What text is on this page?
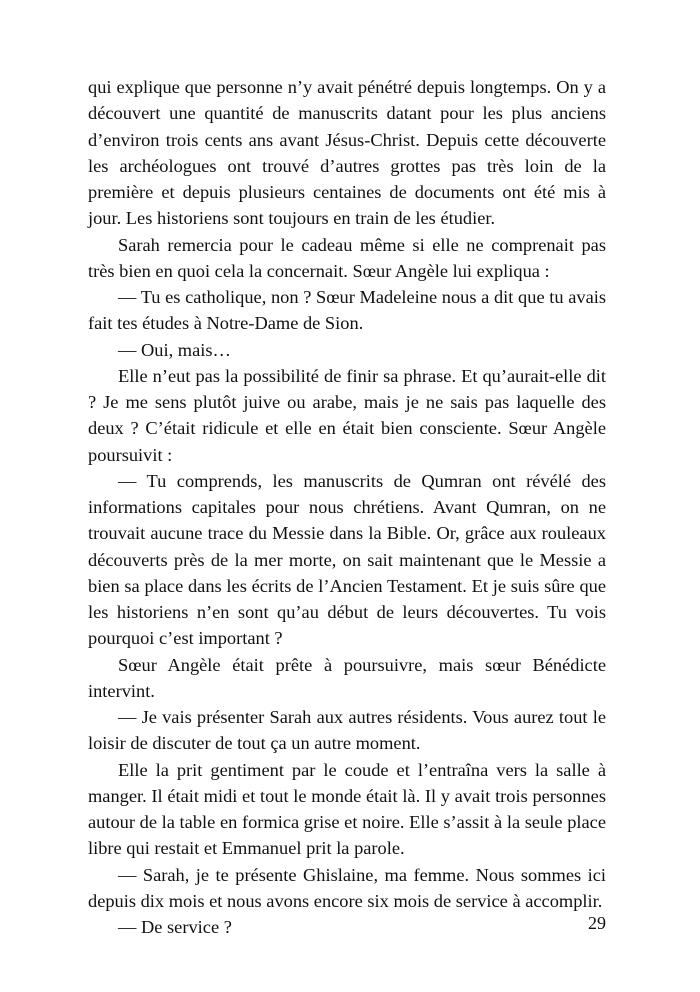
qui explique que personne n’y avait pénétré depuis longtemps. On y a découvert une quantité de manuscrits datant pour les plus anciens d’environ trois cents ans avant Jésus-Christ. Depuis cette découverte les archéologues ont trouvé d’autres grottes pas très loin de la première et depuis plusieurs centaines de documents ont été mis à jour. Les historiens sont toujours en train de les étudier.

Sarah remercia pour le cadeau même si elle ne comprenait pas très bien en quoi cela la concernait. Sœur Angèle lui expliqua :

— Tu es catholique, non ? Sœur Madeleine nous a dit que tu avais fait tes études à Notre-Dame de Sion.

— Oui, mais…

Elle n’eut pas la possibilité de finir sa phrase. Et qu’aurait-elle dit ? Je me sens plutôt juive ou arabe, mais je ne sais pas laquelle des deux ? C’était ridicule et elle en était bien consciente. Sœur Angèle poursuivit :

— Tu comprends, les manuscrits de Qumran ont révélé des informations capitales pour nous chrétiens. Avant Qumran, on ne trouvait aucune trace du Messie dans la Bible. Or, grâce aux rouleaux découverts près de la mer morte, on sait maintenant que le Messie a bien sa place dans les écrits de l’Ancien Testament. Et je suis sûre que les historiens n’en sont qu’au début de leurs découvertes. Tu vois pourquoi c’est important ?

Sœur Angèle était prête à poursuivre, mais sœur Bénédicte intervint.

— Je vais présenter Sarah aux autres résidents. Vous aurez tout le loisir de discuter de tout ça un autre moment.

Elle la prit gentiment par le coude et l’entraîna vers la salle à manger. Il était midi et tout le monde était là. Il y avait trois personnes autour de la table en formica grise et noire. Elle s’assit à la seule place libre qui restait et Emmanuel prit la parole.

— Sarah, je te présente Ghislaine, ma femme. Nous sommes ici depuis dix mois et nous avons encore six mois de service à accomplir.

— De service ?	29
